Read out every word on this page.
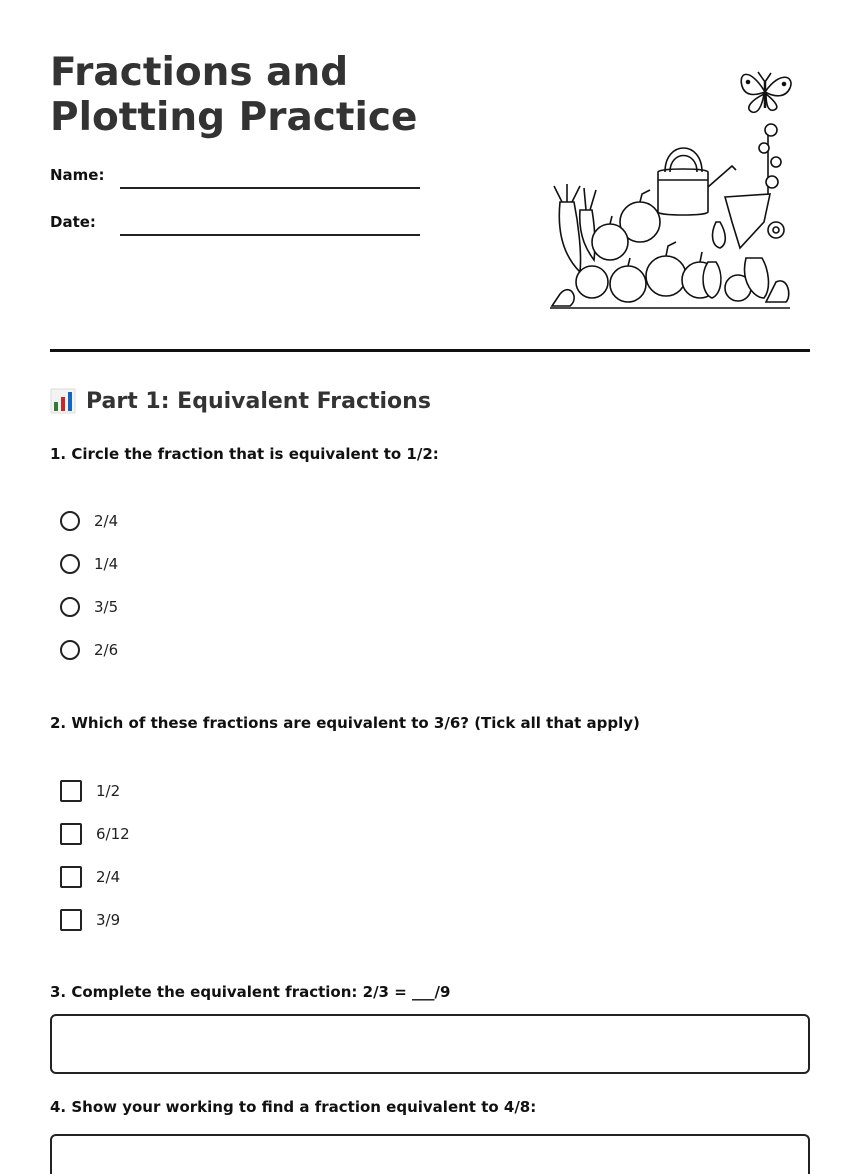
Fractions and Plotting Practice
Name:
Date:
Part 1: Equivalent Fractions
1. Circle the fraction that is equivalent to 1/2:
2/4
1/4
3/5
2/6
2. Which of these fractions are equivalent to 3/6? (Tick all that apply)
1/2
6/12
2/4
3/9
3. Complete the equivalent fraction: 2/3 = ___/9
4. Show your working to find a fraction equivalent to 4/8:
